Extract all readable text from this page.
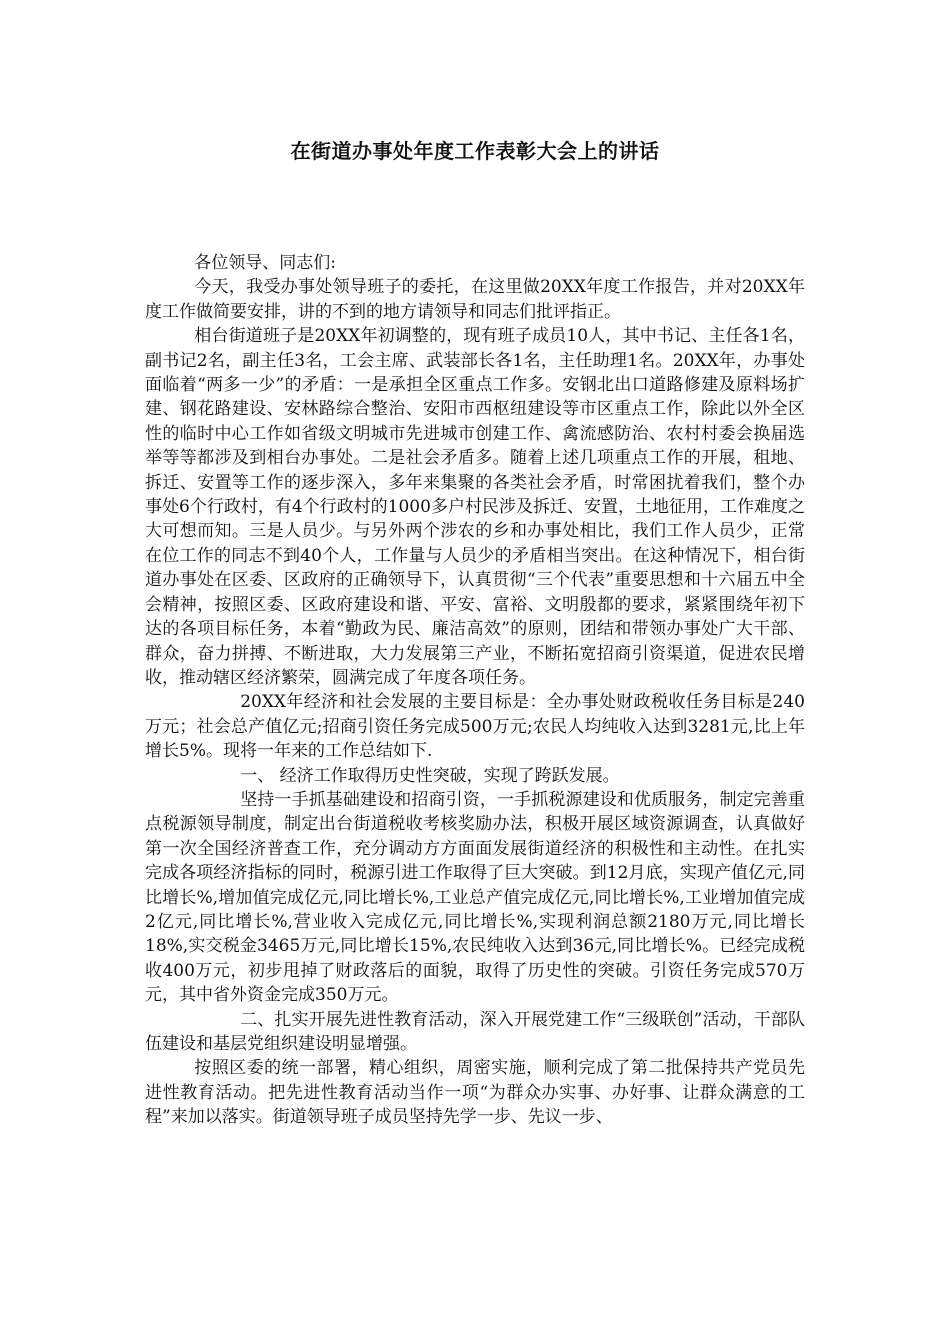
在街道办事处年度工作表彰大会上的讲话

各位领导、同志们:

今天，我受办事处领导班子的委托，在这里做20XX年度工作报告，并对20XX年度工作做简要安排，讲的不到的地方请领导和同志们批评指正。

相台街道班子是20XX年初调整的，现有班子成员10人，其中书记、主任各1名，副书记2名，副主任3名，工会主席、武装部长各1名，主任助理1名。20XX年，办事处面临着“两多一少”的矛盾：一是承担全区重点工作多。安钢北出口道路修建及原料场扩建、钢花路建设、安林路综合整治、安阳市西枢纽建设等市区重点工作，除此以外全区性的临时中心工作如省级文明城市先进城市创建工作、禽流感防治、农村村委会换届选举等等都涉及到相台办事处。二是社会矛盾多。随着上述几项重点工作的开展，租地、拆迁、安置等工作的逐步深入，多年来集聚的各类社会矛盾，时常困扰着我们，整个办事处6个行政村，有4个行政村的1000多户村民涉及拆迁、安置，土地征用，工作难度之大可想而知。三是人员少。与另外两个涉农的乡和办事处相比，我们工作人员少，正常在位工作的同志不到40个人，工作量与人员少的矛盾相当突出。在这种情况下，相台街道办事处在区委、区政府的正确领导下，认真贯彻“三个代表”重要思想和十六届五中全会精神，按照区委、区政府建设和谐、平安、富裕、文明殷都的要求，紧紧围绕年初下达的各项目标任务，本着“勤政为民、廉洁高效”的原则，团结和带领办事处广大干部、群众，奋力拼搏、不断进取，大力发展第三产业，不断拓宽招商引资渠道，促进农民增收，推动辖区经济繁荣，圆满完成了年度各项任务。

20XX年经济和社会发展的主要目标是：全办事处财政税收任务目标是240万元；社会总产值亿元;招商引资任务完成500万元;农民人均纯收入达到3281元,比上年增长5%。现将一年来的工作总结如下.

一、 经济工作取得历史性突破，实现了跨跃发展。

坚持一手抓基础建设和招商引资，一手抓税源建设和优质服务，制定完善重点税源领导制度，制定出台街道税收考核奖励办法，积极开展区域资源调查，认真做好第一次全国经济普查工作，充分调动方方面面发展街道经济的积极性和主动性。在扎实完成各项经济指标的同时，税源引进工作取得了巨大突破。到12月底，实现产值亿元,同比增长%,增加值完成亿元,同比增长%,工业总产值完成亿元,同比增长%,工业增加值完成2亿元,同比增长%,营业收入完成亿元,同比增长%,实现利润总额2180万元,同比增长18%,实交税金3465万元,同比增长15%,农民纯收入达到36元,同比增长%。已经完成税收400万元，初步甩掉了财政落后的面貌，取得了历史性的突破。引资任务完成570万元，其中省外资金完成350万元。

二、扎实开展先进性教育活动，深入开展党建工作“三级联创”活动，干部队伍建设和基层党组织建设明显增强。

按照区委的统一部署，精心组织，周密实施，顺利完成了第二批保持共产党员先进性教育活动。把先进性教育活动当作一项“为群众办实事、办好事、让群众满意的工程”来加以落实。街道领导班子成员坚持先学一步、先议一步、
